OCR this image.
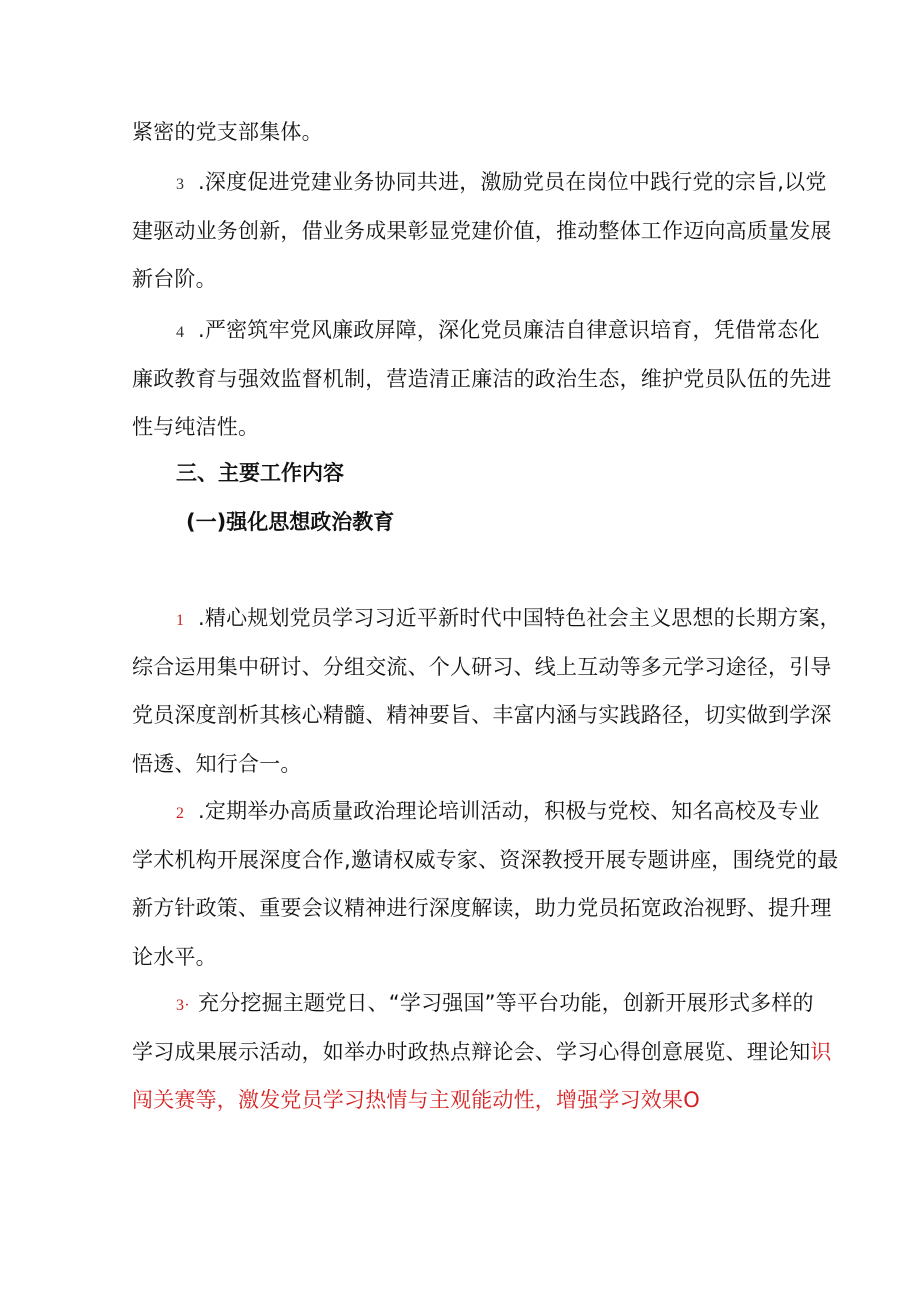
紧密的党支部集体。
3 .深度促进党建业务协同共进，激励党员在岗位中践行党的宗旨,以党
建驱动业务创新，借业务成果彰显党建价值，推动整体工作迈向高质量发展
新台阶。
4 .严密筑牢党风廉政屏障，深化党员廉洁自律意识培育，凭借常态化
廉政教育与强效监督机制，营造清正廉洁的政治生态，维护党员队伍的先进
性与纯洁性。
三、主要工作内容
(一)强化思想政治教育
1 .精心规划党员学习习近平新时代中国特色社会主义思想的长期方案，
综合运用集中研讨、分组交流、个人研习、线上互动等多元学习途径，引导
党员深度剖析其核心精髓、精神要旨、丰富内涵与实践路径，切实做到学深
悟透、知行合一。
2 .定期举办高质量政治理论培训活动，积极与党校、知名高校及专业
学术机构开展深度合作,邀请权威专家、资深教授开展专题讲座，围绕党的最
新方针政策、重要会议精神进行深度解读，助力党员拓宽政治视野、提升理
论水平。
3· 充分挖掘主题党日、“学习强国”等平台功能，创新开展形式多样的
学习成果展示活动，如举办时政热点辩论会、学习心得创意展览、理论知识
闯关赛等，激发党员学习热情与主观能动性，增强学习效果O
